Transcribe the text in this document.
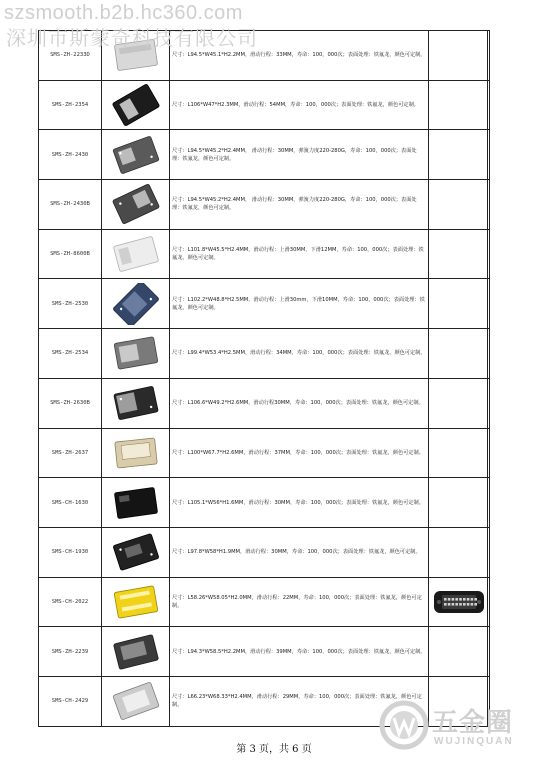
szsmooth.b2b.hc360.com
深圳市斯蒙奇科技有限公司
SMS-ZH-2233D		尺寸：L94.5*W45.1*H2.2MM，滑动行程：33MM，寿命：100，000次；表面处理：铁氟龙，颜色可定制。	
SMS-ZH-2354		尺寸：L106*W47*H2.3MM，滑动行程：54MM，寿命：100，000次；表面处理：铁氟龙，颜色可定制。	
SMS-ZH-2430		尺寸：L94.5*W45.2*H2.4MM， 滑动行程：30MM，弹簧力度220-280G，寿命：100，000次；表面处理：铁氟龙，颜色可定制。	
SMS-ZH-2430B		尺寸：L94.5*W45.2*H2.4MM， 滑动行程：30MM，弹簧力度220-280G，寿命：100，000次；表面处理：铁氟龙，颜色可定制。	
SMS-ZH-8600B		尺寸：L101.8*W45.5*H2.4MM，滑动行程：上滑30MM，下滑12MM，寿命：100，000次；表面处理：铁氟龙，颜色可定制。	
SMS-ZH-2530		尺寸：L102.2*W48.8*H2.5MM，滑动行程：上滑30mm，下滑10MM，寿命：100，000次；表面处理：铁氟龙，颜色可定制。	
SMS-ZH-2534		尺寸：L99.4*W53.4*H2.5MM，滑动行程：34MM，寿命：100，000次；表面处理：铁氟龙，颜色可定制。	
SMS-ZH-2630B		尺寸：L106.6*W49.2*H2.6MM，滑动行程30MM，寿命：100，000次；表面处理：铁氟龙，颜色可定制。	
SMS-ZH-2637		尺寸：L100*W67.7*H2.6MM，滑动行程：37MM，寿命：100，000次；表面处理：铁氟龙，颜色可定制。	
SMS-CH-1630		尺寸：L105.1*W56*H1.6MM，滑动行程：30MM，寿命：100，000次；表面处理：铁氟龙，颜色可定制。	
SMS-CH-1930		尺寸：L97.8*W58*H1.9MM，滑动行程：30MM，寿命：100，000次；表面处理：铁氟龙，颜色可定制。	
SMS-CH-2022		尺寸：L58.26*W58.05*H2.0MM，滑动行程：22MM，寿命：100，000次；表面处理：铁氟龙，颜色可定制。	

SMS-ZH-2239		尺寸：L94.3*W58.5*H2.2MM，滑动行程：39MM，寿命：100，000次；表面处理：铁氟龙，颜色可定制。	
SMS-CH-2429		尺寸：L66.23*W68.33*H2.4MM，滑动行程：29MM，寿命：100，000次；表面处理：铁氟龙，颜色可定制。	
第 3 页，共 6 页
五金圈
WUJINQUAN
